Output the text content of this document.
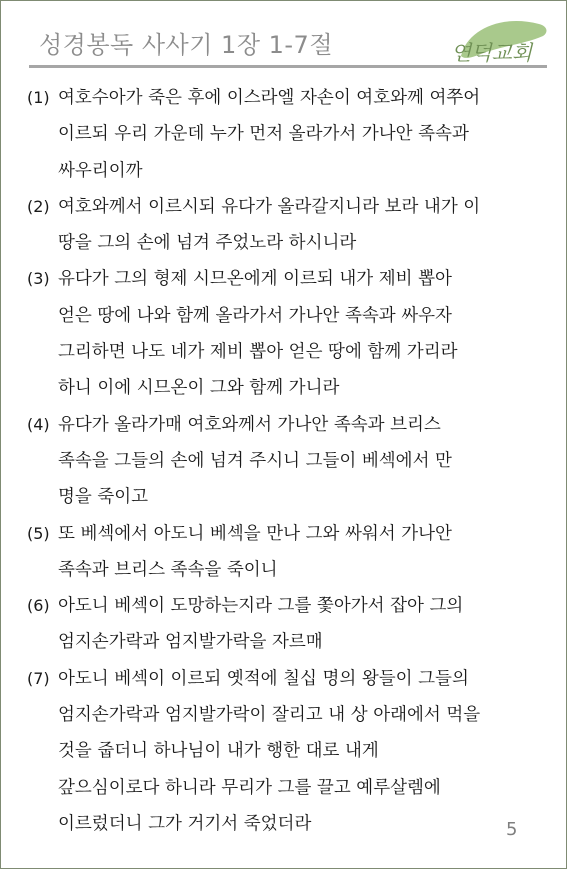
성경봉독 사사기 1장 1-7절	연덕교회
(1) 여호수아가 죽은 후에 이스라엘 자손이 여호와께 여쭈어
이르되 우리 가운데 누가 먼저 올라가서 가나안 족속과
싸우리이까
(2) 여호와께서 이르시되 유다가 올라갈지니라 보라 내가 이
땅을 그의 손에 넘겨 주었노라 하시니라
(3) 유다가 그의 형제 시므온에게 이르되 내가 제비 뽑아
얻은 땅에 나와 함께 올라가서 가나안 족속과 싸우자
그리하면 나도 네가 제비 뽑아 얻은 땅에 함께 가리라
하니 이에 시므온이 그와 함께 가니라
(4) 유다가 올라가매 여호와께서 가나안 족속과 브리스
족속을 그들의 손에 넘겨 주시니 그들이 베섹에서 만
명을 죽이고
(5) 또 베섹에서 아도니 베섹을 만나 그와 싸워서 가나안
족속과 브리스 족속을 죽이니
(6) 아도니 베섹이 도망하는지라 그를 쫓아가서 잡아 그의
엄지손가락과 엄지발가락을 자르매
(7) 아도니 베섹이 이르되 옛적에 칠십 명의 왕들이 그들의
엄지손가락과 엄지발가락이 잘리고 내 상 아래에서 먹을
것을 줍더니 하나님이 내가 행한 대로 내게
갚으심이로다 하니라 무리가 그를 끌고 예루살렘에
이르렀더니 그가 거기서 죽었더라	5
